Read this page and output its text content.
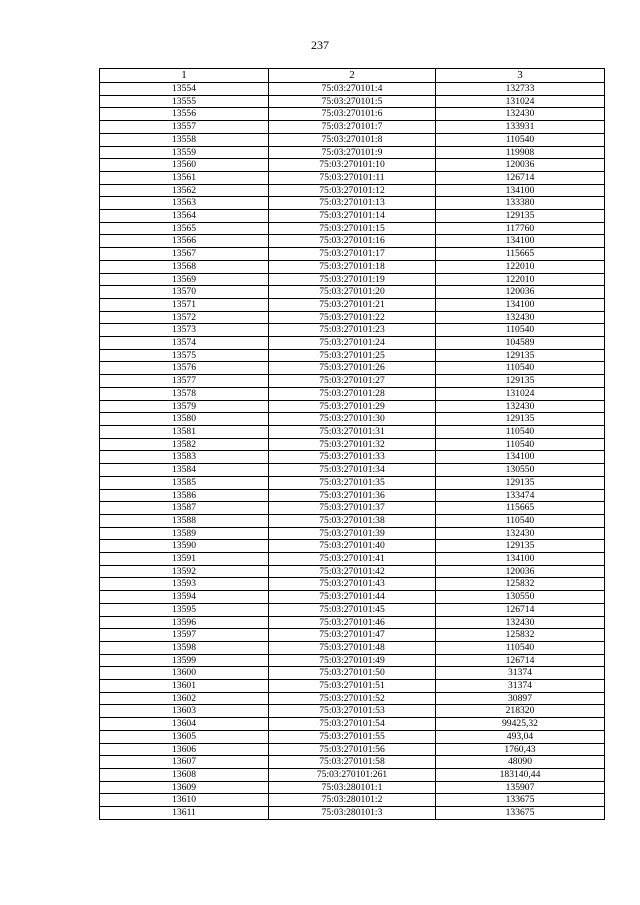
237
1	2	3
13554	75:03:270101:4	132733
13555	75:03:270101:5	131024
13556	75:03:270101:6	132430
13557	75:03:270101:7	133931
13558	75:03:270101:8	110540
13559	75:03:270101:9	119908
13560	75:03:270101:10	120036
13561	75:03:270101:11	126714
13562	75:03:270101:12	134100
13563	75:03:270101:13	133380
13564	75:03:270101:14	129135
13565	75:03:270101:15	117760
13566	75:03:270101:16	134100
13567	75:03:270101:17	115665
13568	75:03:270101:18	122010
13569	75:03:270101:19	122010
13570	75:03:270101:20	120036
13571	75:03:270101:21	134100
13572	75:03:270101:22	132430
13573	75:03:270101:23	110540
13574	75:03:270101:24	104589
13575	75:03:270101:25	129135
13576	75:03:270101:26	110540
13577	75:03:270101:27	129135
13578	75:03:270101:28	131024
13579	75:03:270101:29	132430
13580	75:03:270101:30	129135
13581	75:03:270101:31	110540
13582	75:03:270101:32	110540
13583	75:03:270101:33	134100
13584	75:03:270101:34	130550
13585	75:03:270101:35	129135
13586	75:03:270101:36	133474
13587	75:03:270101:37	115665
13588	75:03:270101:38	110540
13589	75:03:270101:39	132430
13590	75:03:270101:40	129135
13591	75:03:270101:41	134100
13592	75:03:270101:42	120036
13593	75:03:270101:43	125832
13594	75:03:270101:44	130550
13595	75:03:270101:45	126714
13596	75:03:270101:46	132430
13597	75:03:270101:47	125832
13598	75:03:270101:48	110540
13599	75:03:270101:49	126714
13600	75:03:270101:50	31374
13601	75:03:270101:51	31374
13602	75:03:270101:52	30897
13603	75:03:270101:53	218320
13604	75:03:270101:54	99425,32
13605	75:03:270101:55	493,04
13606	75:03:270101:56	1760,43
13607	75:03:270101:58	48090
13608	75:03:270101:261	183140,44
13609	75:03:280101:1	135907
13610	75:03:280101:2	133675
13611	75:03:280101:3	133675
